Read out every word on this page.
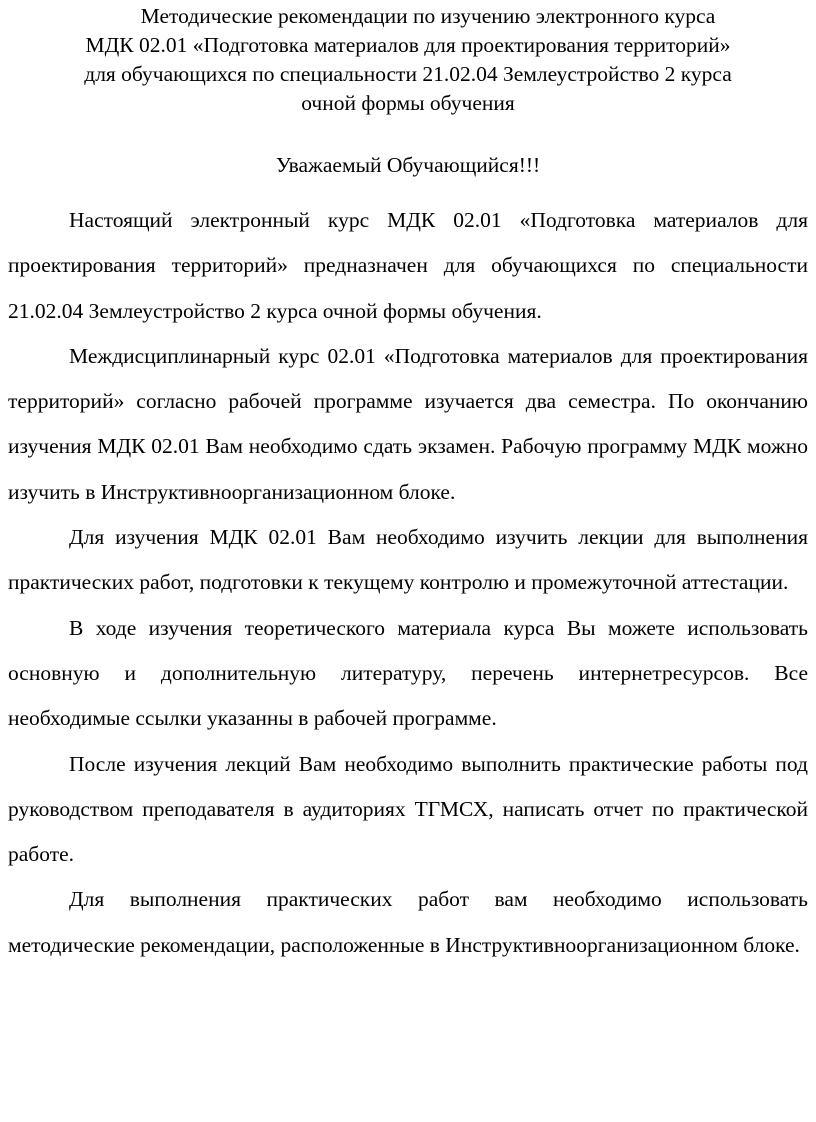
Методические рекомендации по изучению электронного курса
МДК 02.01 «Подготовка материалов для проектирования территорий»
для обучающихся по специальности 21.02.04 Землеустройство 2 курса
очной формы обучения

Уважаемый Обучающийся!!!

Настоящий электронный курс МДК 02.01 «Подготовка материалов для проектирования территорий» предназначен для обучающихся по специальности 21.02.04 Землеустройство 2 курса очной формы обучения.

Междисциплинарный курс 02.01 «Подготовка материалов для проектирования территорий» согласно рабочей программе изучается два семестра. По окончанию изучения МДК 02.01 Вам необходимо сдать экзамен. Рабочую программу МДК можно изучить в Инструктивноорганизационном блоке.

Для изучения МДК 02.01 Вам необходимо изучить лекции для выполнения практических работ, подготовки к текущему контролю и промежуточной аттестации.

В ходе изучения теоретического материала курса Вы можете использовать основную и дополнительную литературу, перечень интернетресурсов. Все необходимые ссылки указанны в рабочей программе.

После изучения лекций Вам необходимо выполнить практические работы под руководством преподавателя в аудиториях ТГМСХ, написать отчет по практической работе.

Для выполнения практических работ вам необходимо использовать методические рекомендации, расположенные в Инструктивноорганизационном блоке.
